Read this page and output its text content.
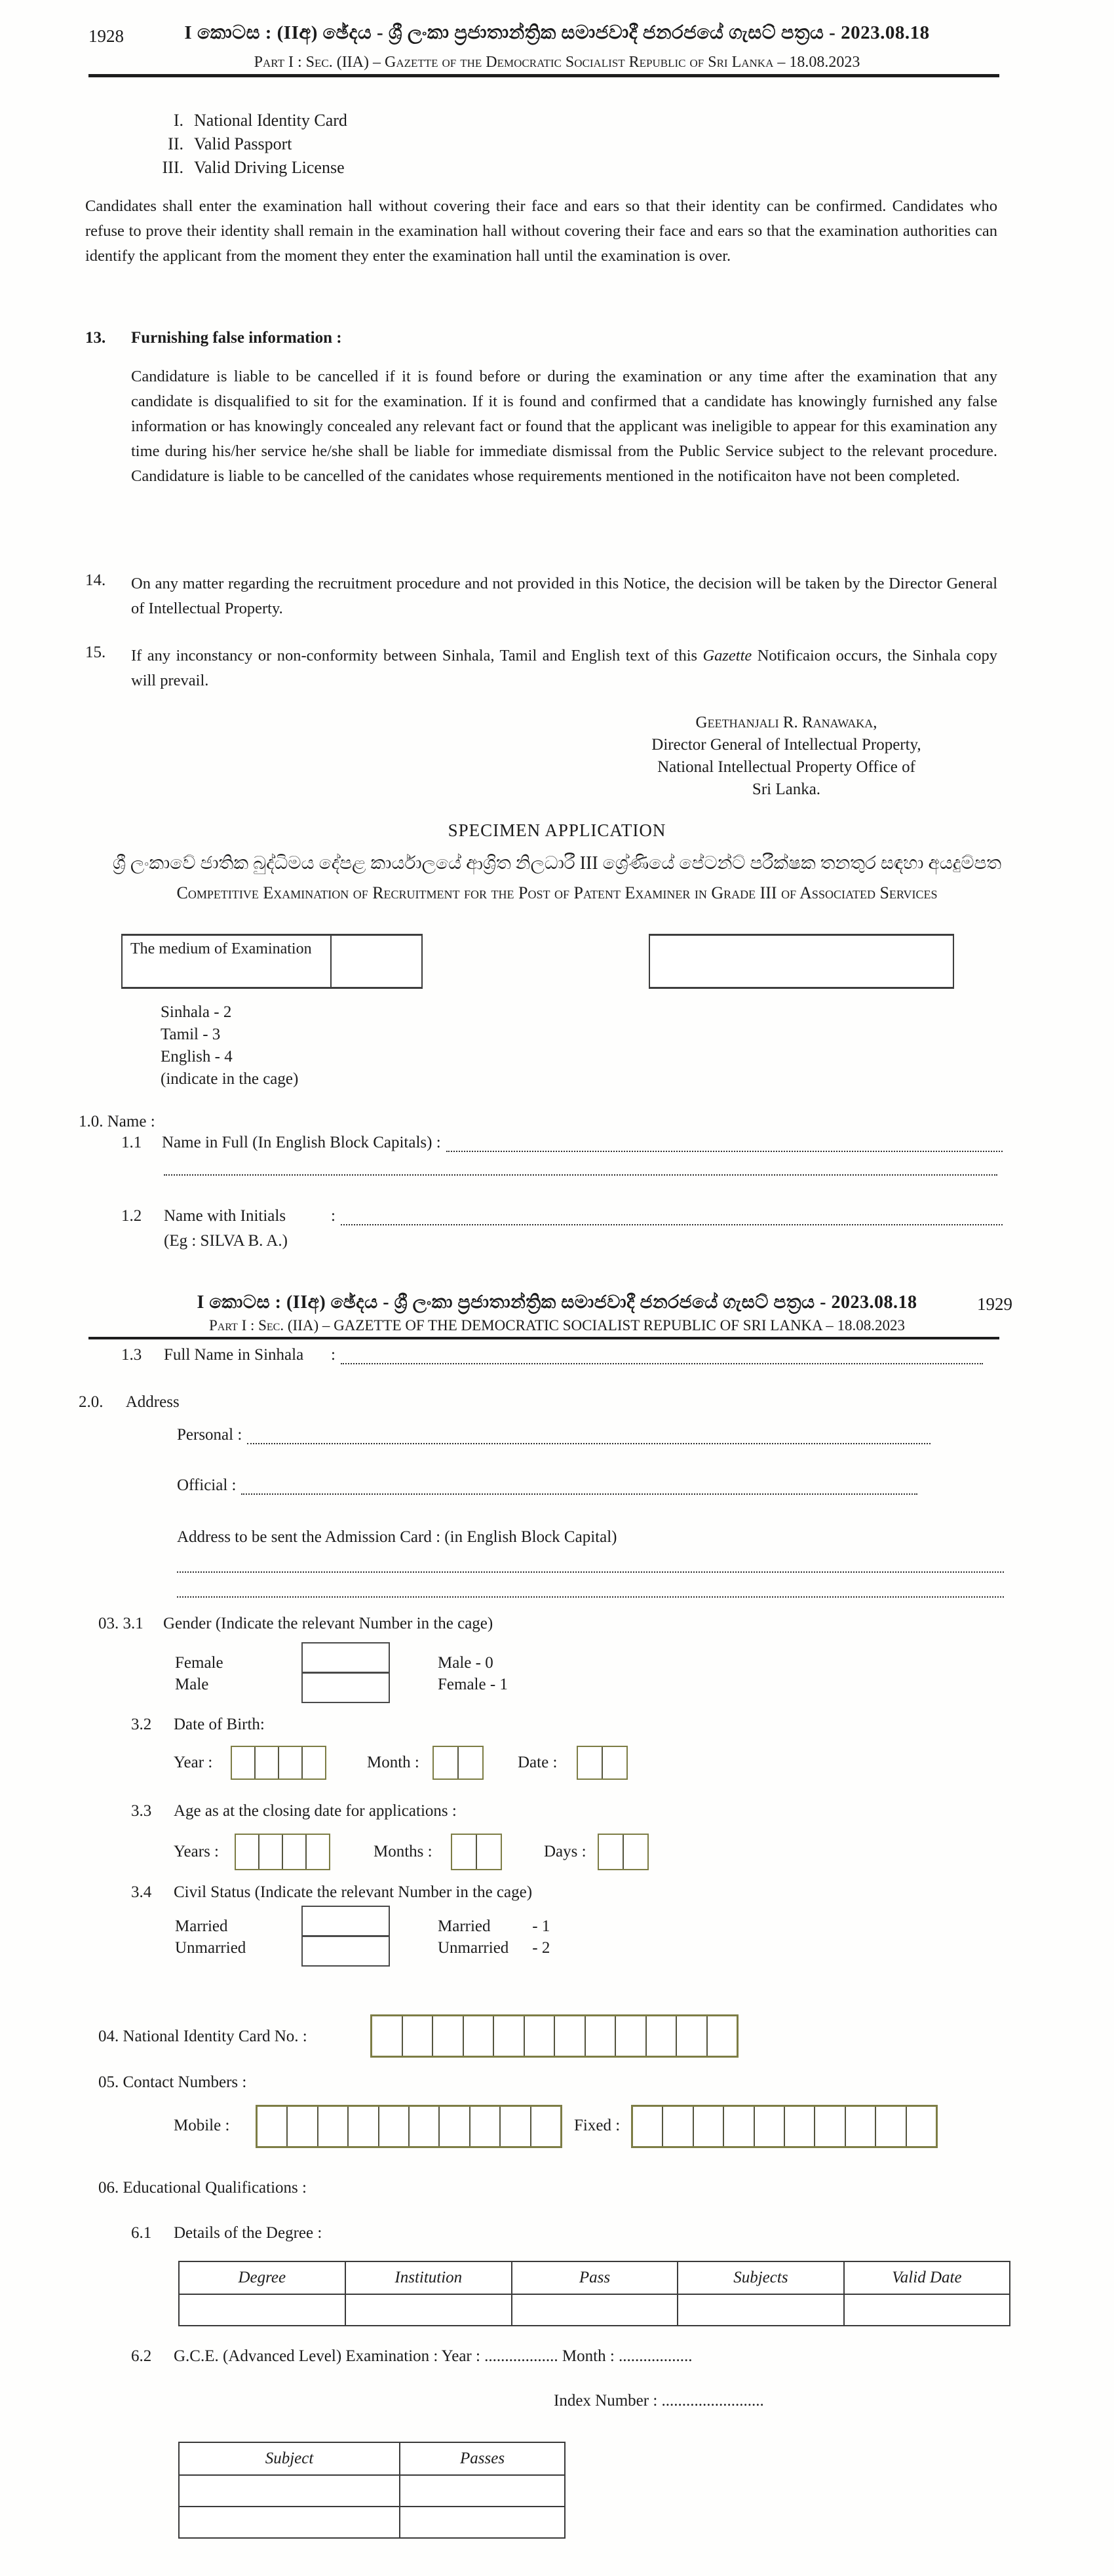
1928	I කොටස : (IIඅ) ඡේදය - ශ්‍රී ලංකා ප්‍රජාතාන්ත්‍රික සමාජවාදී ජනරජයේ ගැසට් පත්‍රය - 2023.08.18
Part I : Sec. (IIA) – Gazette of the Democratic Socialist Republic of Sri Lanka – 18.08.2023
I. National Identity Card
II. Valid Passport
III. Valid Driving License
Candidates shall enter the examination hall without covering their face and ears so that their identity can be confirmed. Candidates who refuse to prove their identity shall remain in the examination hall without covering their face and ears so that the examination authorities can identify the applicant from the moment they enter the examination hall until the examination is over.
13. Furnishing false information :
Candidature is liable to be cancelled if it is found before or during the examination or any time after the examination that any candidate is disqualified to sit for the examination. If it is found and confirmed that a candidate has knowingly furnished any false information or has knowingly concealed any relevant fact or found that the applicant was ineligible to appear for this examination any time during his/her service he/she shall be liable for immediate dismissal from the Public Service subject to the relevant procedure. Candidature is liable to be cancelled of the canidates whose requirements mentioned in the notificaiton have not been completed.
14. On any matter regarding the recruitment procedure and not provided in this Notice, the decision will be taken by the Director General of Intellectual Property.
15. If any inconstancy or non-conformity between Sinhala, Tamil and English text of this Gazette Notificaion occurs, the Sinhala copy will prevail.
Geethanjali R. Ranawaka,
Director General of Intellectual Property,
National Intellectual Property Office of
Sri Lanka.
SPECIMEN APPLICATION
ශ්‍රී ලංකාවේ ජාතික බුද්ධිමය දේපළ කාර්යාලයේ ආශ්‍රිත නිලධාරී III ශ්‍රේණියේ පේටන්ට් පරීක්ෂක තනතුර සඳහා අයදුම්පත
Competitive Examination of Recruitment for the Post of Patent Examiner in Grade III of Associated Services
The medium of Examination
Sinhala - 2
Tamil - 3
English - 4
(indicate in the cage)
1.0. Name :
1.1	Name in Full (In English Block Capitals) :
1.2	Name with Initials	:
(Eg : SILVA B. A.)
I කොටස : (IIඅ) ඡේදය - ශ්‍රී ලංකා ප්‍රජාතාන්ත්‍රික සමාජවාදී ජනරජයේ ගැසට් පත්‍රය - 2023.08.18	1929
Part I : Sec. (IIA) – GAZETTE OF THE DEMOCRATIC SOCIALIST REPUBLIC OF SRI LANKA – 18.08.2023
1.3	Full Name in Sinhala	:
2.0. Address
Personal :
Official :
Address to be sent the Admission Card : (in English Block Capital)
03. 3.1 Gender (Indicate the relevant Number in the cage)
Female
Male
Male - 0
Female - 1
3.2 Date of Birth:
Year :	Month :	Date :
3.3 Age as at the closing date for applications :
Years :	Months :	Days :
3.4 Civil Status (Indicate the relevant Number in the cage)
Married
Unmarried
Married	- 1
Unmarried - 2
04. National Identity Card No. :
05. Contact Numbers :
Mobile :	Fixed :
06. Educational Qualifications :
6.1 Details of the Degree :
Degree	Institution	Pass	Subjects	Valid Date

6.2 G.C.E. (Advanced Level) Examination : Year : .................. Month : ..................
Index Number : .........................
Subject	Passes
